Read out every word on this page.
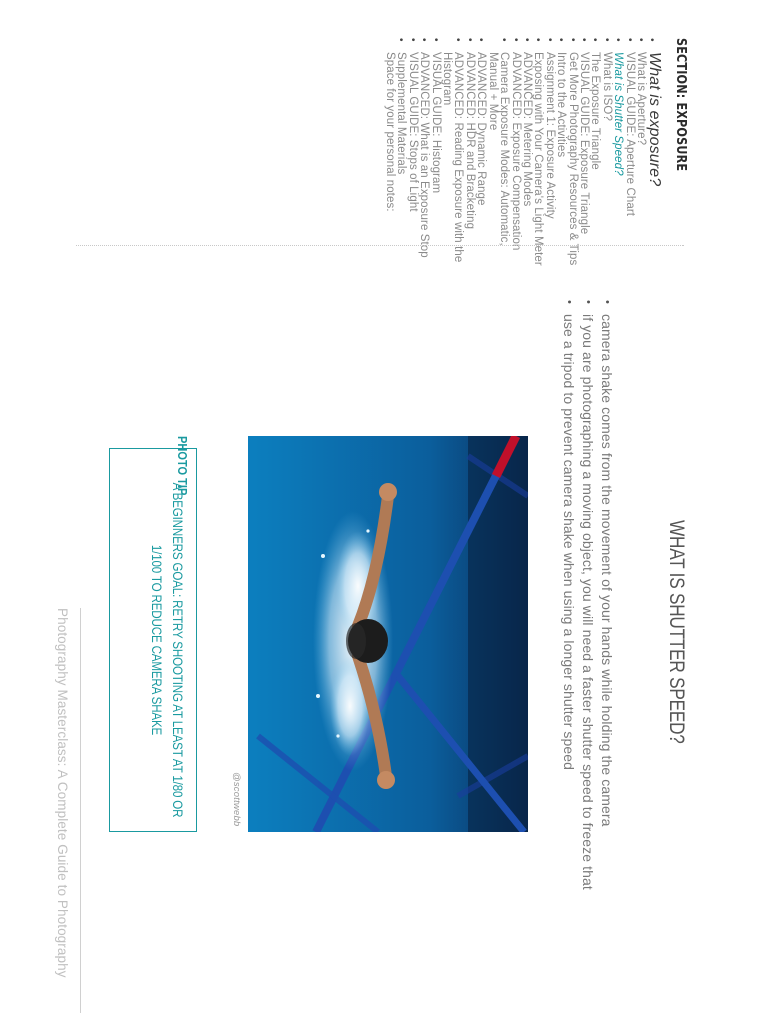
SECTION: EXPOSURE
• What is exposure?
• What is Aperture?
• VISUAL GUIDE: Aperture Chart
• What is Shutter Speed?
• What is ISO?
• The Exposure Triangle
• VISUAL GUIDE: Exposure Triangle
• Get More Photography Resources & Tips
• Intro to the Activities
• Assignment 1: Exposure Activity
• Exposing with Your Camera's Light Meter
• ADVANCED: Metering Modes
• ADVANCED: Exposure Compensation
• Camera Exposure Modes: Automatic, Manual + More
• ADVANCED: Dynamic Range
• ADVANCED: HDR and Bracketing
• ADVANCED: Reading Exposure with the Histogram
• VISUAL GUIDE: Histogram
• ADVANCED: What is an Exposure Stop
• VISUAL GUIDE: Stops of Light
• Supplemental Materials
Space for your personal notes:
WHAT IS SHUTTER SPEED?
• camera shake comes from the movement of your hands while holding the camera
• if you are photographing a moving object, you will need a faster shutter speed to freeze that
• use a tripod to prevent camera shake when using a longer shutter speed
@scottwebb
PHOTO TIP
A BEGINNERS GOAL: RETRY SHOOTING AT LEAST AT 1/80 OR
1/100 TO REDUCE CAMERA SHAKE
Photography Masterclass: A Complete Guide to Photography
